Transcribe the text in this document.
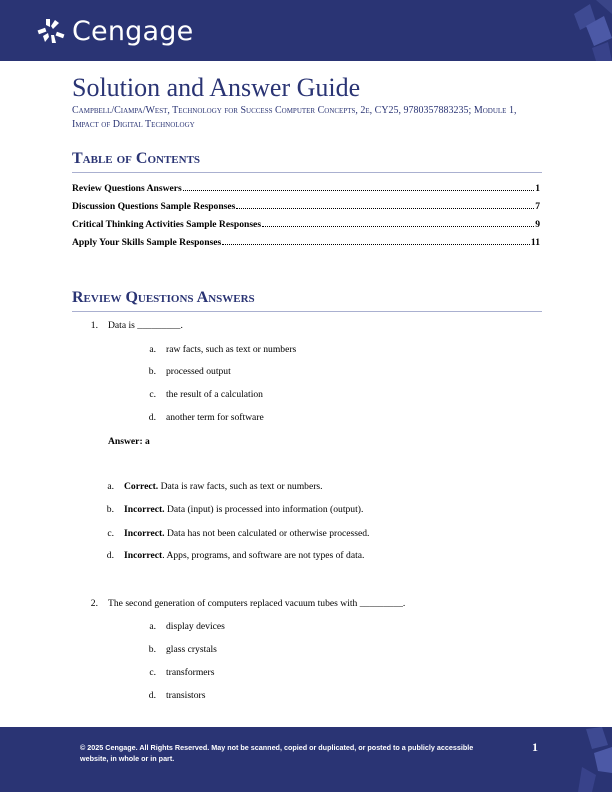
Cengage
Solution and Answer Guide

Campbell/Ciampa/West, Technology for Success Computer Concepts, 2e, CY25, 9780357883235; Module 1, Impact of Digital Technology

Table of Contents
Review Questions Answers	1
Discussion Questions Sample Responses	7
Critical Thinking Activities Sample Responses	9
Apply Your Skills Sample Responses	11
Review Questions Answers
1. Data is _________.
a. raw facts, such as text or numbers
b. processed output
c. the result of a calculation
d. another term for software
Answer: a
a. Correct. Data is raw facts, such as text or numbers.
b. Incorrect. Data (input) is processed into information (output).
c. Incorrect. Data has not been calculated or otherwise processed.
d. Incorrect. Apps, programs, and software are not types of data.
2. The second generation of computers replaced vacuum tubes with _________.
a. display devices
b. glass crystals
c. transformers
d. transistors
© 2025 Cengage. All Rights Reserved. May not be scanned, copied or duplicated, or posted to a publicly accessible website, in whole or in part.
1
